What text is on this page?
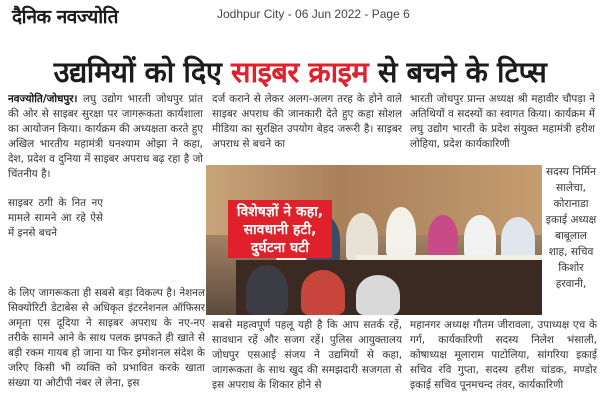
दैनिक नवज्योति	Jodhpur City - 06 Jun 2022 - Page 6
उद्यमियों को दिए साइबर क्राइम से बचने के टिप्स

नवज्योति/जोधपुर। लघु उद्योग भारती जोधपुर प्रांत की ओर से साइबर सुरक्षा पर जागरूकता कार्यशाला का आयोजन किया। कार्यक्रम की अध्यक्षता करते हुए अखिल भारतीय महामंत्री घनश्याम ओझा ने कहा, देश, प्रदेश व दुनिया में साइबर अपराध बढ़ रहा है जो चिंतनीय है।

साइबर ठगी के नित नए मामले सामने आ रहे ऐसे में इनसे बचने

के लिए जागरूकता ही सबसे बड़ा विकल्प है। नेशनल सिक्योरिटी डेटाबेस से अधिकृत इंटरनेशनल ऑफिसर अमृता एस दूदिया ने साइबर अपराध के नए-नए तरीके सामने आने के साथ पलक झपकते ही खाते से बड़ी रकम गायब हो जाना या फिर इमोशनल संदेश के जरिए किसी भी व्यक्ति को प्रभावित करके खाता संख्या या ओटीपी नंबर ले लेना, इस

दर्ज कराने से लेकर अलग-अलग तरह के होने वाले साइबर अपराध की जानकारी देते हुए कहा सोशल मीडिया का सुरक्षित उपयोग बेहद जरूरी है। साइबर अपराध से बचने का

भारती जोधपुर प्रान्त अध्यक्ष श्री महावीर चौपड़ा ने अतिथियों व सदस्यों का स्वागत किया। कार्यक्रम में लघु उद्योग भारती के प्रदेश संयुक्त महामंत्री हरीश लोहिया, प्रदेश कार्यकारिणी

विशेषज्ञों ने कहा,
सावधानी हटी,
दुर्घटना घटी

सदस्य निर्मिन सालेचा, कोरानाडा इकाई अध्यक्ष बाबूलाल शाह, सचिव किशोर हरवानी,

सबसे महत्वपूर्ण पहलू यही है कि आप सतर्क रहें, सावधान रहें और सजग रहें। पुलिस आयुक्तालय जोधपुर एसआई संजय ने उद्यमियों से कहा, जागरूकता के साथ खुद की समझदारी सजगता से इस अपराध के शिकार होने से

महानगर अध्यक्ष गौतम जीरावला, उपाध्यक्ष एच के गर्ग, कार्यकारिणी सदस्य निलेश भंसाली, कोषाध्यक्ष मूलाराम पाटोलिया, सांगरिया इकाई सचिव रवि गुप्ता, सदस्य हरीश चांडक, मण्डोर इकाई सचिव पूनमचन्द तंवर, कार्यकारिणी
